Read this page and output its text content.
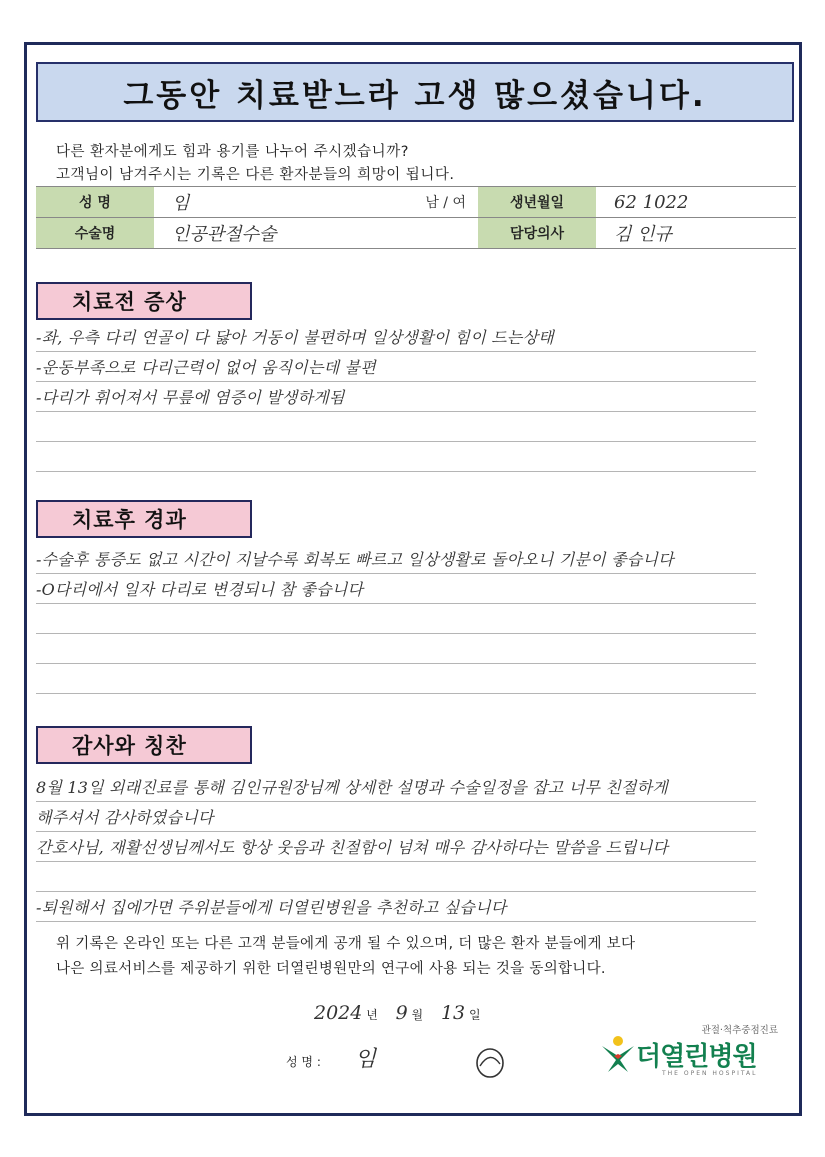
그동안 치료받느라 고생 많으셨습니다.
다른 환자분에게도 힘과 용기를 나누어 주시겠습니까?
고객님이 남겨주시는 기록은 다른 환자분들의 희망이 됩니다.
성 명	임	남 / 여	생년월일	62 1022
수술명	인공관절수술		담당의사	김 인규
치료전 증상
-좌, 우측 다리 연골이 다 닳아 거동이 불편하며 일상생활이 힘이 드는상태
-운동부족으로 다리근력이 없어 움직이는데 불편
-다리가 휘어져서 무릎에 염증이 발생하게됨
치료후 경과
-수술후 통증도 없고 시간이 지날수록 회복도 빠르고 일상생활로 돌아오니 기분이 좋습니다
-O다리에서 일자 다리로 변경되니 참 좋습니다
감사와 칭찬
8월 13일 외래진료를 통해 김인규원장님께 상세한 설명과 수술일정을 잡고 너무 친절하게
해주셔서 감사하였습니다
간호사님, 재활선생님께서도 항상 웃음과 친절함이 넘쳐 매우 감사하다는 말씀을 드립니다
-퇴원해서 집에가면 주위분들에게 더열린병원을 추천하고 싶습니다
위 기록은 온라인 또는 다른 고객 분들에게 공개 될 수 있으며, 더 많은 환자 분들에게 보다
나은 의료서비스를 제공하기 위한 더열린병원만의 연구에 사용 되는 것을 동의합니다.
2024 년 9 월 13 일
성 명 : 임
관절·척추중점진료
더열린병원
THE OPEN HOSPITAL
